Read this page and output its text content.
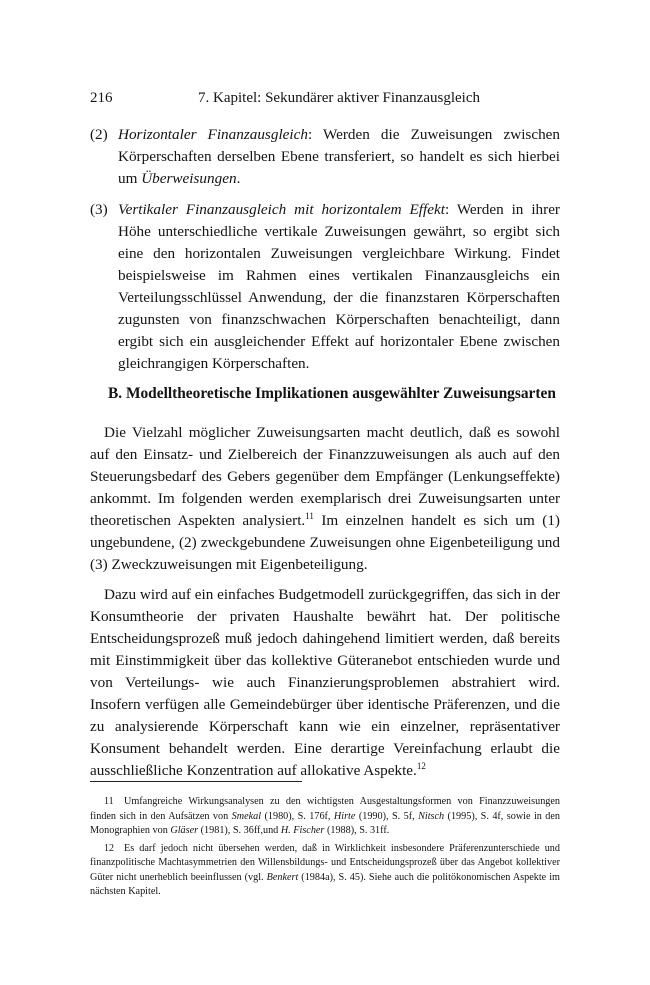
216	7. Kapitel: Sekundärer aktiver Finanzausgleich
(2) Horizontaler Finanzausgleich: Werden die Zuweisungen zwischen Körperschaften derselben Ebene transferiert, so handelt es sich hierbei um Überweisungen.
(3) Vertikaler Finanzausgleich mit horizontalem Effekt: Werden in ihrer Höhe unterschiedliche vertikale Zuweisungen gewährt, so ergibt sich eine den horizontalen Zuweisungen vergleichbare Wirkung. Findet beispielsweise im Rahmen eines vertikalen Finanzausgleichs ein Verteilungsschlüssel Anwendung, der die finanzstaren Körperschaften zugunsten von finanzschwachen Körperschaften benachteiligt, dann ergibt sich ein ausgleichender Effekt auf horizontaler Ebene zwischen gleichrangigen Körperschaften.
B. Modelltheoretische Implikationen ausgewählter Zuweisungsarten

Die Vielzahl möglicher Zuweisungsarten macht deutlich, daß es sowohl auf den Einsatz- und Zielbereich der Finanzzuweisungen als auch auf den Steuerungsbedarf des Gebers gegenüber dem Empfänger (Lenkungseffekte) ankommt. Im folgenden werden exemplarisch drei Zuweisungsarten unter theoretischen Aspekten analysiert.$^{11}$ Im einzelnen handelt es sich um (1) ungebundene, (2) zweckgebundene Zuweisungen ohne Eigenbeteiligung und (3) Zweckzuweisungen mit Eigenbeteiligung.

Dazu wird auf ein einfaches Budgetmodell zurückgegriffen, das sich in der Konsumtheorie der privaten Haushalte bewährt hat. Der politische Entscheidungsprozeß muß jedoch dahingehend limitiert werden, daß bereits mit Einstimmigkeit über das kollektive Güteranebot entschieden wurde und von Verteilungs- wie auch Finanzierungsproblemen abstrahiert wird. Insofern verfügen alle Gemeindebürger über identische Präferenzen, und die zu analysierende Körperschaft kann wie ein einzelner, repräsentativer Konsument behandelt werden. Eine derartige Vereinfachung erlaubt die ausschließliche Konzentration auf allokative Aspekte.$^{12}$

11 Umfangreiche Wirkungsanalysen zu den wichtigsten Ausgestaltungsformen von Finanzzuweisungen finden sich in den Aufsätzen von Smekal (1980), S. 176f, Hirte (1990), S. 5f, Nitsch (1995), S. 4f, sowie in den Monographien von Gläser (1981), S. 36ff,und H. Fischer (1988), S. 31ff.

12 Es darf jedoch nicht übersehen werden, daß in Wirklichkeit insbesondere Präferenzunterschiede und finanzpolitische Machtasymmetrien den Willensbildungs- und Entscheidungsprozeß über das Angebot kollektiver Güter nicht unerheblich beeinflussen (vgl. Benkert (1984a), S. 45). Siehe auch die politökonomischen Aspekte im nächsten Kapitel.
